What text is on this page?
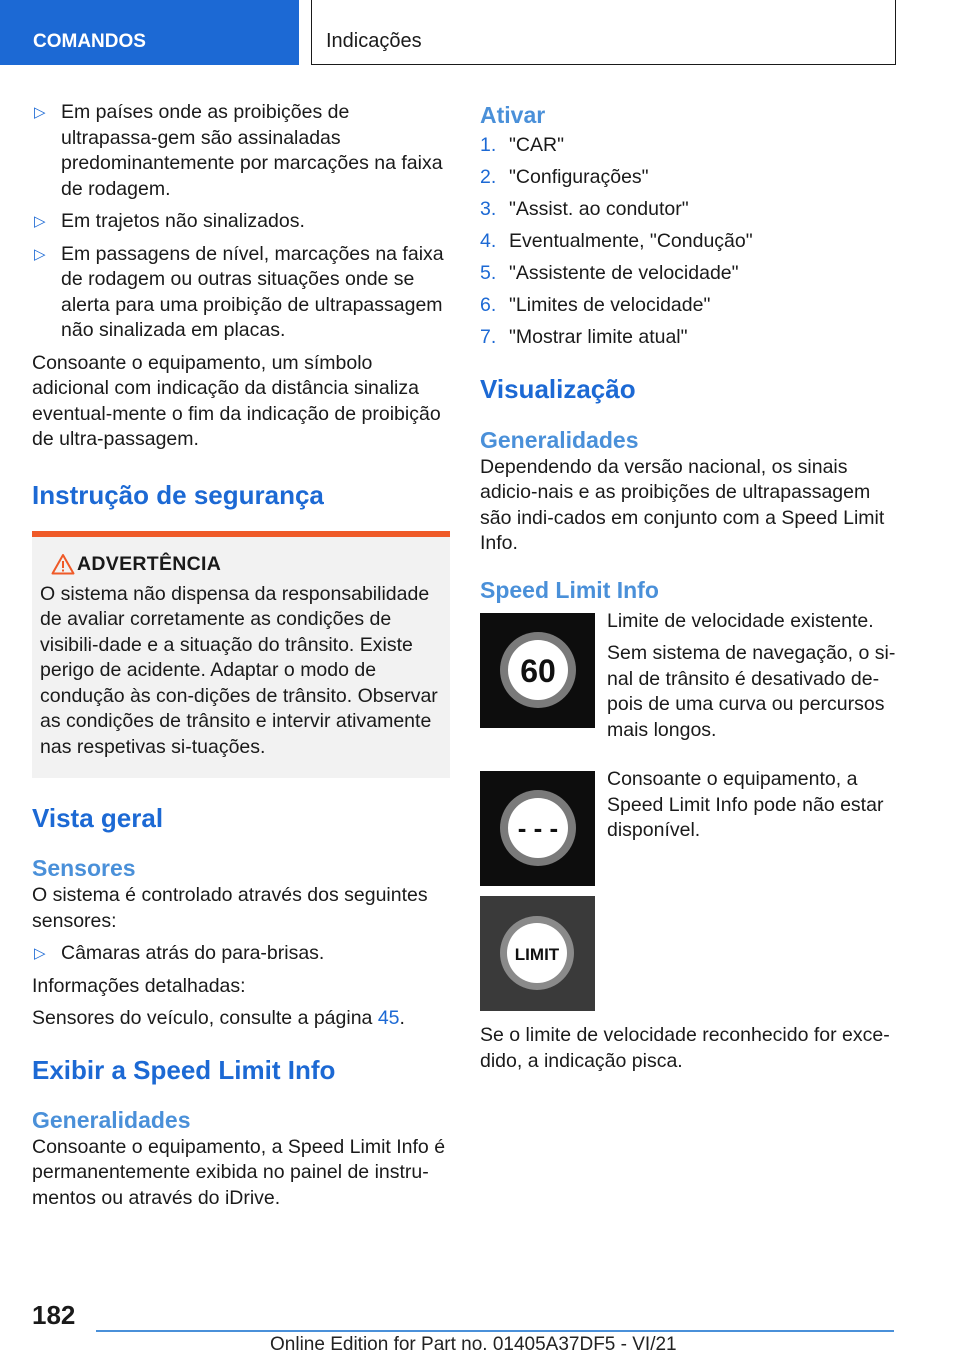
COMANDOS	Indicações
▷ Em países onde as proibições de ultrapassa-gem são assinaladas predominantemente por marcações na faixa de rodagem.
▷ Em trajetos não sinalizados.
▷ Em passagens de nível, marcações na faixa de rodagem ou outras situações onde se alerta para uma proibição de ultrapassagem não sinalizada em placas.

Consoante o equipamento, um símbolo adicional com indicação da distância sinaliza eventual-mente o fim da indicação de proibição de ultra-passagem.

Instrução de segurança
ADVERTÊNCIA

O sistema não dispensa da responsabilidade de avaliar corretamente as condições de visibili-dade e a situação do trânsito. Existe perigo de acidente. Adaptar o modo de condução às con-dições de trânsito. Observar as condições de trânsito e intervir ativamente nas respetivas si-tuações.

Vista geral
Sensores

O sistema é controlado através dos seguintes sensores:

▷ Câmaras atrás do para-brisas.

Informações detalhadas:

Sensores do veículo, consulte a página 45.

Exibir a Speed Limit Info
Generalidades

Consoante o equipamento, a Speed Limit Info é permanentemente exibida no painel de instru-mentos ou através do iDrive.

Ativar
1. "CAR"
2. "Configurações"
3. "Assist. ao condutor"
4. Eventualmente, "Condução"
5. "Assistente de velocidade"
6. "Limites de velocidade"
7. "Mostrar limite atual"
Visualização
Generalidades

Dependendo da versão nacional, os sinais adicio-nais e as proibições de ultrapassagem são indi-cados em conjunto com a Speed Limit Info.

Speed Limit Info
60

Limite de velocidade existente.

Sem sistema de navegação, o si-nal de trânsito é desativado de-pois de uma curva ou percursos mais longos.

- - -

Consoante o equipamento, a Speed Limit Info pode não estar disponível.

LIMIT

Se o limite de velocidade reconhecido for exce-dido, a indicação pisca.

182
Online Edition for Part no. 01405A37DF5 - VI/21
